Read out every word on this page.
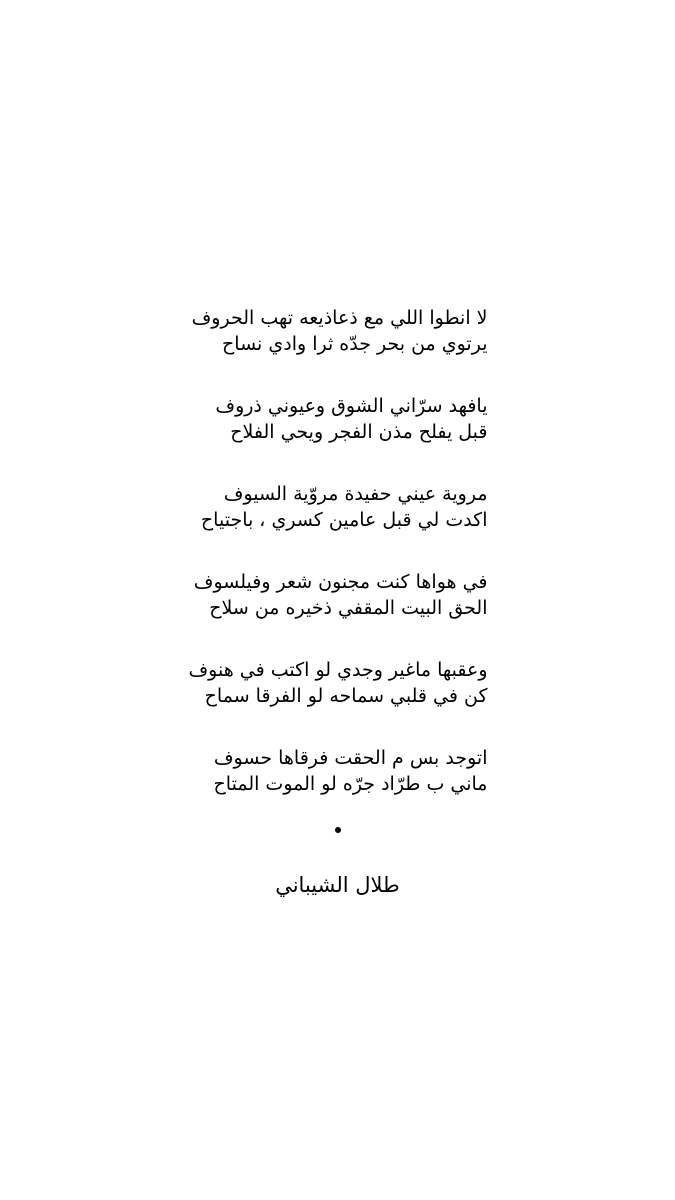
لا انطوا اللي مع ذعاذيعه تهب الحروف
يرتوي من بحر جدّه ثرا وادي نساح
يافهد سرّاني الشوق وعيوني ذروف
قبل يفلح مذن الفجر ويحي الفلاح
مروية عيني حفيدة مروّية السيوف
اكدت لي قبل عامين كسري ، باجتياح
في هواها كنت مجنون شعر وفيلسوف
الحق البيت المقفي ذخيره من سلاح
وعقبها ماغير وجدي لو اكتب في هنوف
كن في قلبي سماحه لو الفرقا سماح
اتوجد بس م الحقت فرقاها حسوف
ماني ب طرّاد جرّه لو الموت المتاح
طلال الشيباني
